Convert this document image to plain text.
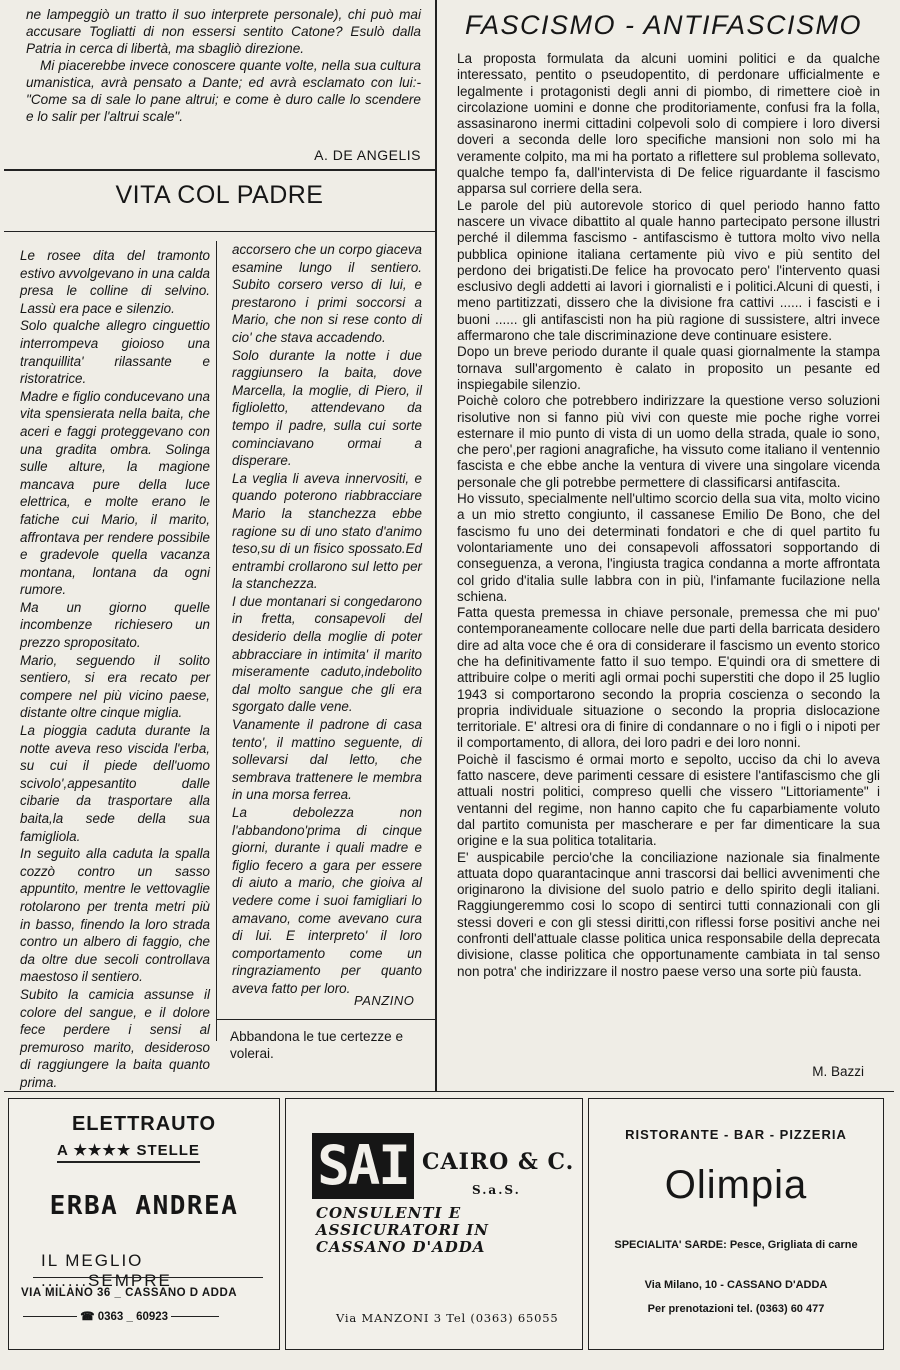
ne lampeggiò un tratto il suo interprete personale), chi può mai accusare Togliatti di non essersi sentito Catone? Esulò dalla Patria in cerca di libertà, ma sbagliò direzione.

Mi piacerebbe invece conoscere quante volte, nella sua cultura umanistica, avrà pensato a Dante; ed avrà esclamato con lui:-"Come sa di sale lo pane altrui; e come è duro calle lo scendere e lo salir per l'altrui scale".

A. DE ANGELIS
VITA COL PADRE

Le rosee dita del tramonto estivo avvolgevano in una calda presa le colline di selvino. Lassù era pace e silenzio.

Solo qualche allegro cinguettio interrompeva gioioso una tranquillita' rilassante e ristoratrice.

Madre e figlio conducevano una vita spensierata nella baita, che aceri e faggi proteggevano con una gradita ombra. Solinga sulle alture, la magione mancava pure della luce elettrica, e molte erano le fatiche cui Mario, il marito, affrontava per rendere possibile e gradevole quella vacanza montana, lontana da ogni rumore.

Ma un giorno quelle incombenze richiesero un prezzo spropositato.

Mario, seguendo il solito sentiero, si era recato per compere nel più vicino paese, distante oltre cinque miglia.

La pioggia caduta durante la notte aveva reso viscida l'erba, su cui il piede dell'uomo scivolo',appesantito dalle cibarie da trasportare alla baita,la sede della sua famigliola.

In seguito alla caduta la spalla cozzò contro un sasso appuntito, mentre le vettovaglie rotolarono per trenta metri più in basso, finendo la loro strada contro un albero di faggio, che da oltre due secoli controllava maestoso il sentiero.

Subito la camicia assunse il colore del sangue, e il dolore fece perdere i sensi al premuroso marito, desideroso di raggiungere la baita quanto prima.

accorsero che un corpo giaceva esamine lungo il sentiero. Subito corsero verso di lui, e prestarono i primi soccorsi a Mario, che non si rese conto di cio' che stava accadendo.

Solo durante la notte i due raggiunsero la baita, dove Marcella, la moglie, di Piero, il figlioletto, attendevano da tempo il padre, sulla cui sorte cominciavano ormai a disperare.

La veglia li aveva innervositi, e quando poterono riabbracciare Mario la stanchezza ebbe ragione su di uno stato d'animo teso,su di un fisico spossato.Ed entrambi crollarono sul letto per la stanchezza.

I due montanari si congedarono in fretta, consapevoli del desiderio della moglie di poter abbracciare in intimita' il marito miseramente caduto,indebolito dal molto sangue che gli era sgorgato dalle vene.

Vanamente il padrone di casa tento', il mattino seguente, di sollevarsi dal letto, che sembrava trattenere le membra in una morsa ferrea.

La debolezza non l'abbandono'prima di cinque giorni, durante i quali madre e figlio fecero a gara per essere di aiuto a mario, che gioiva al vedere come i suoi famigliari lo amavano, come avevano cura di lui. E interpreto' il loro comportamento come un ringraziamento per quanto aveva fatto per loro.

PANZINO
Abbandona le tue certezze e volerai.
FASCISMO - ANTIFASCISMO

La proposta formulata da alcuni uomini politici e da qualche interessato, pentito o pseudopentito, di perdonare ufficialmente e legalmente i protagonisti degli anni di piombo, di rimettere cioè in circolazione uomini e donne che proditoriamente, confusi fra la folla, assasinarono inermi cittadini colpevoli solo di compiere i loro diversi doveri a seconda delle loro specifiche mansioni non solo mi ha veramente colpito, ma mi ha portato a riflettere sul problema sollevato, qualche tempo fa, dall'intervista di De felice riguardante il fascismo apparsa sul corriere della sera.

Le parole del più autorevole storico di quel periodo hanno fatto nascere un vivace dibattito al quale hanno partecipato persone illustri perché il dilemma fascismo - antifascismo è tuttora molto vivo nella pubblica opinione italiana certamente più vivo e più sentito del perdono dei brigatisti.De felice ha provocato pero' l'intervento quasi esclusivo degli addetti ai lavori i giornalisti e i politici.Alcuni di questi, i meno partitizzati, dissero che la divisione fra cattivi ...... i fascisti e i buoni ...... gli antifascisti non ha più ragione di sussistere, altri invece affermarono che tale discriminazione deve continuare esistere.

Dopo un breve periodo durante il quale quasi giornalmente la stampa tornava sull'argomento è calato in proposito un pesante ed inspiegabile silenzio.

Poichè coloro che potrebbero indirizzare la questione verso soluzioni risolutive non si fanno più vivi con queste mie poche righe vorrei esternare il mio punto di vista di un uomo della strada, quale io sono, che pero',per ragioni anagrafiche, ha vissuto come italiano il ventennio fascista e che ebbe anche la ventura di vivere una singolare vicenda personale che gli potrebbe permettere di classificarsi antifascita.

Ho vissuto, specialmente nell'ultimo scorcio della sua vita, molto vicino a un mio stretto congiunto, il cassanese Emilio De Bono, che del fascismo fu uno dei determinati fondatori e che di quel partito fu volontariamente uno dei consapevoli affossatori sopportando di conseguenza, a verona, l'ingiusta tragica condanna a morte affrontata col grido d'italia sulle labbra con in più, l'infamante fucilazione nella schiena.

Fatta questa premessa in chiave personale, premessa che mi puo' contemporaneamente collocare nelle due parti della barricata desidero dire ad alta voce che é ora di considerare il fascismo un evento storico che ha definitivamente fatto il suo tempo. E'quindi ora di smettere di attribuire colpe o meriti agli ormai pochi superstiti che dopo il 25 luglio 1943 si comportarono secondo la propria coscienza o secondo la propria individuale situazione o secondo la propria dislocazione territoriale. E' altresi ora di finire di condannare o no i figli o i nipoti per il comportamento, di allora, dei loro padri e dei loro nonni.

Poichè il fascismo é ormai morto e sepolto, ucciso da chi lo aveva fatto nascere, deve parimenti cessare di esistere l'antifascismo che gli attuali nostri politici, compreso quelli che vissero "Littoriamente" i ventanni del regime, non hanno capito che fu caparbiamente voluto dal partito comunista per mascherare e per far dimenticare la sua origine e la sua politica totalitaria.

E' auspicabile percio'che la conciliazione nazionale sia finalmente attuata dopo quarantacinque anni trascorsi dai bellici avvenimenti che originarono la divisione del suolo patrio e dello spirito degli italiani. Raggiungeremmo cosi lo scopo di sentirci tutti connazionali con gli stessi doveri e con gli stessi diritti,con riflessi forse positivi anche nei confronti dell'attuale classe politica unica responsabile della deprecata divisione, classe politica che opportunamente cambiata in tal senso non potra' che indirizzare il nostro paese verso una sorte più fausta.

M. Bazzi
ELETTRAUTO
A ★★★★ STELLE
ERBA ANDREA
IL MEGLIO .......SEMPRE
VIA MILANO 36 _ CASSANO D ADDA
☎ 0363 _ 60923
SAI CAIRO & C.
S.a.S.
CONSULENTI E ASSICURATORI IN CASSANO D'ADDA
Via MANZONI 3 Tel (0363) 65055
RISTORANTE - BAR - PIZZERIA
Olimpia
SPECIALITA' SARDE: Pesce, Grigliata di carne
Via Milano, 10 - CASSANO D'ADDA
Per prenotazioni tel. (0363) 60 477
